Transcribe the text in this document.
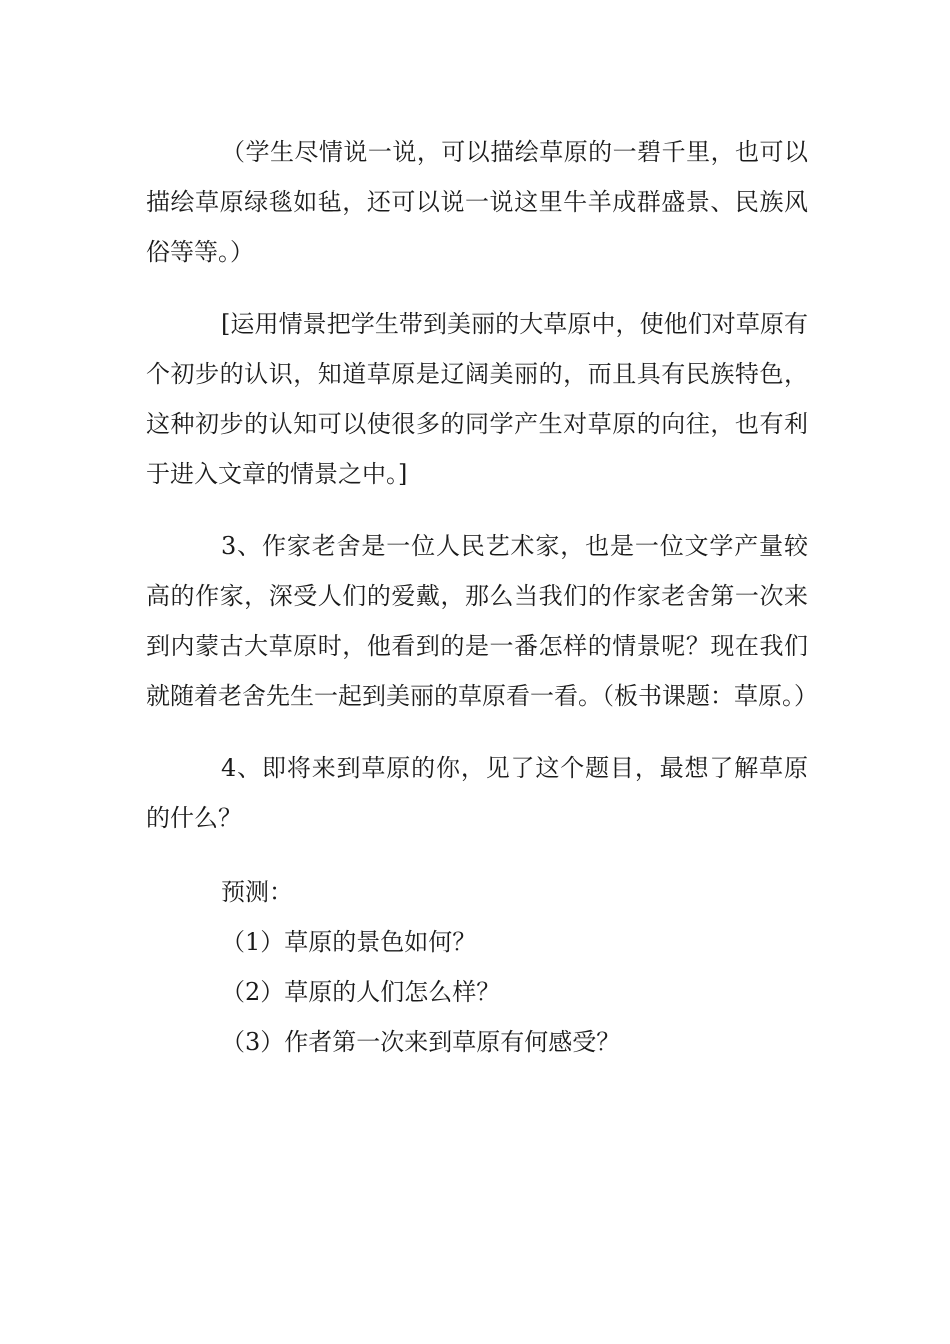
（学生尽情说一说，可以描绘草原的一碧千里，也可以描绘草原绿毯如毡，还可以说一说这里牛羊成群盛景、民族风俗等等。）

[运用情景把学生带到美丽的大草原中，使他们对草原有个初步的认识，知道草原是辽阔美丽的，而且具有民族特色，这种初步的认知可以使很多的同学产生对草原的向往，也有利于进入文章的情景之中。]

3、作家老舍是一位人民艺术家，也是一位文学产量较高的作家，深受人们的爱戴，那么当我们的作家老舍第一次来到内蒙古大草原时，他看到的是一番怎样的情景呢？现在我们就随着老舍先生一起到美丽的草原看一看。（板书课题：草原。）

4、即将来到草原的你，见了这个题目，最想了解草原的什么？

预测：

（1）草原的景色如何？

（2）草原的人们怎么样？

（3）作者第一次来到草原有何感受？
